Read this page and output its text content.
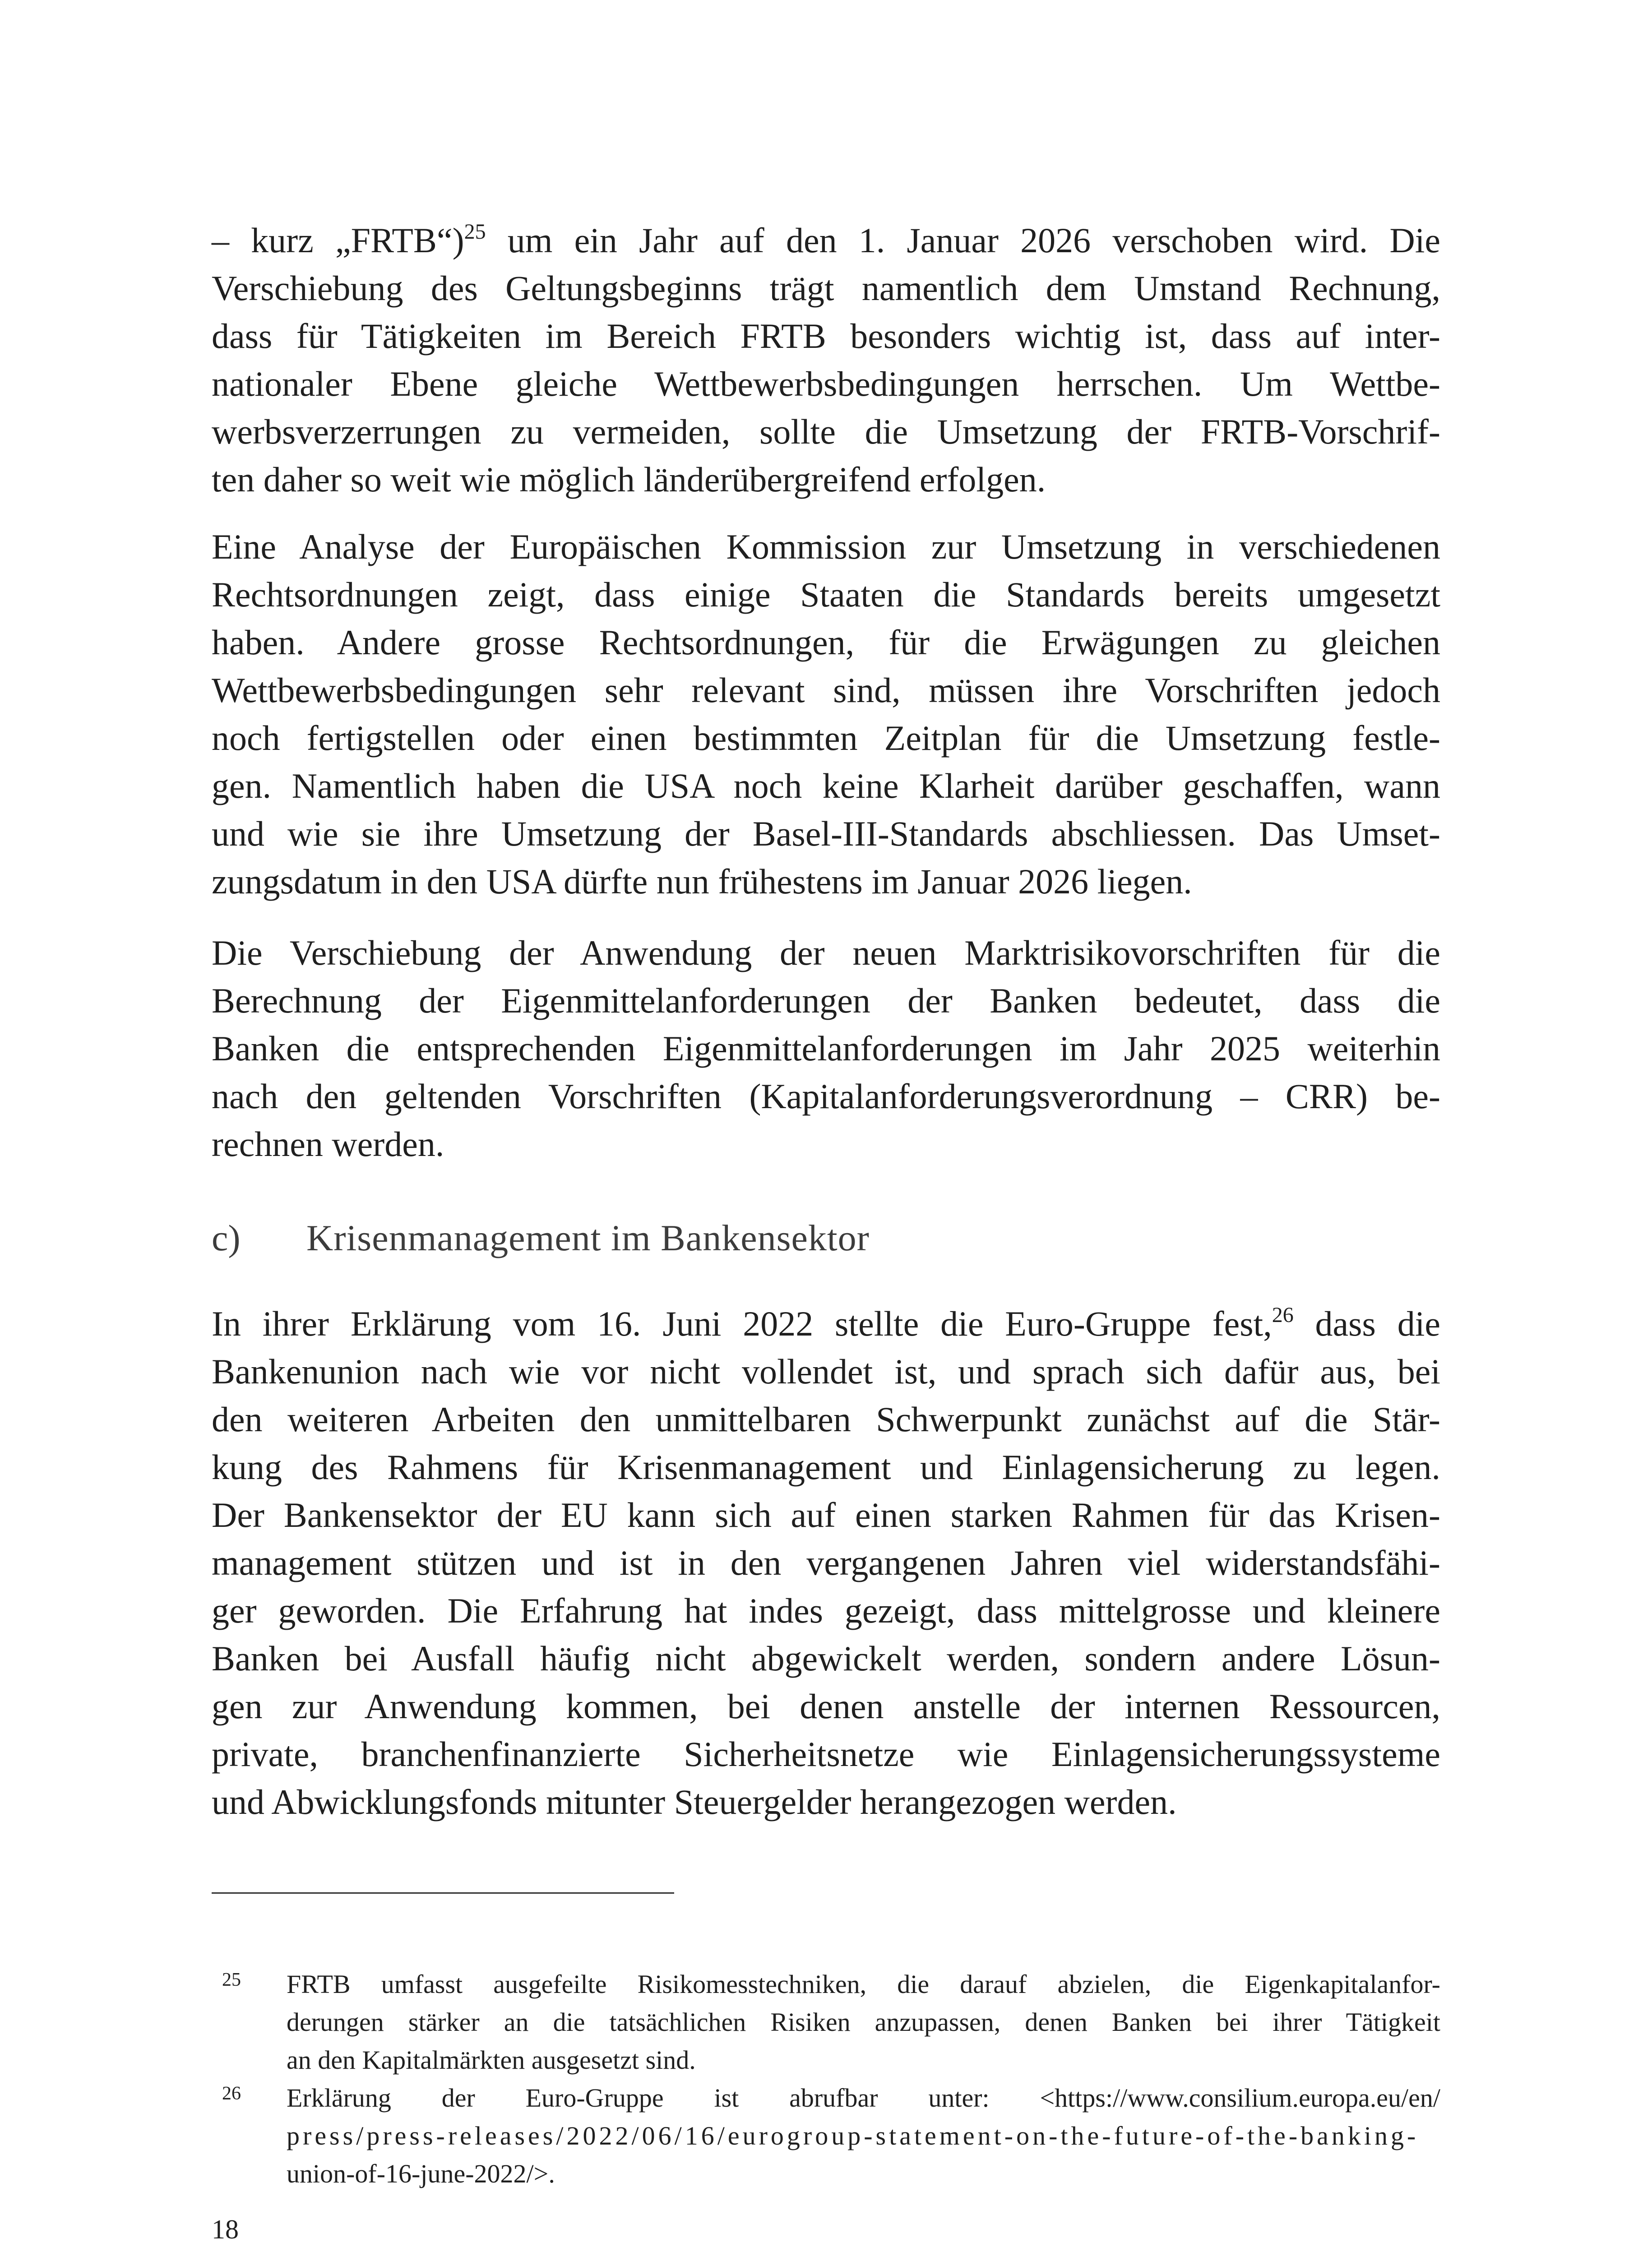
– kurz „FRTB“)$^{25}$ um ein Jahr auf den 1. Januar 2026 verschoben wird. Die
Verschiebung des Geltungsbeginns trägt namentlich dem Umstand Rechnung,
dass für Tätigkeiten im Bereich FRTB besonders wichtig ist, dass auf inter-
nationaler Ebene gleiche Wettbewerbsbedingungen herrschen. Um Wettbe-
werbsverzerrungen zu vermeiden, sollte die Umsetzung der FRTB-Vorschrif-
ten daher so weit wie möglich länderübergreifend erfolgen.
Eine Analyse der Europäischen Kommission zur Umsetzung in verschiedenen
Rechtsordnungen zeigt, dass einige Staaten die Standards bereits umgesetzt
haben. Andere grosse Rechtsordnungen, für die Erwägungen zu gleichen
Wettbewerbsbedingungen sehr relevant sind, müssen ihre Vorschriften jedoch
noch fertigstellen oder einen bestimmten Zeitplan für die Umsetzung festle-
gen. Namentlich haben die USA noch keine Klarheit darüber geschaffen, wann
und wie sie ihre Umsetzung der Basel-III-Standards abschliessen. Das Umset-
zungsdatum in den USA dürfte nun frühestens im Januar 2026 liegen.
Die Verschiebung der Anwendung der neuen Marktrisikovorschriften für die
Berechnung der Eigenmittelanforderungen der Banken bedeutet, dass die
Banken die entsprechenden Eigenmittelanforderungen im Jahr 2025 weiterhin
nach den geltenden Vorschriften (Kapitalanforderungsverordnung – CRR) be-
rechnen werden.
c) Krisenmanagement im Bankensektor
In ihrer Erklärung vom 16. Juni 2022 stellte die Euro-Gruppe fest,$^{26}$ dass die
Bankenunion nach wie vor nicht vollendet ist, und sprach sich dafür aus, bei
den weiteren Arbeiten den unmittelbaren Schwerpunkt zunächst auf die Stär-
kung des Rahmens für Krisenmanagement und Einlagensicherung zu legen.
Der Bankensektor der EU kann sich auf einen starken Rahmen für das Krisen-
management stützen und ist in den vergangenen Jahren viel widerstandsfähi-
ger geworden. Die Erfahrung hat indes gezeigt, dass mittelgrosse und kleinere
Banken bei Ausfall häufig nicht abgewickelt werden, sondern andere Lösun-
gen zur Anwendung kommen, bei denen anstelle der internen Ressourcen,
private, branchenfinanzierte Sicherheitsnetze wie Einlagensicherungssysteme
und Abwicklungsfonds mitunter Steuergelder herangezogen werden.
25 FRTB umfasst ausgefeilte Risikomesstechniken, die darauf abzielen, die Eigenkapitalanfor-
derungen stärker an die tatsächlichen Risiken anzupassen, denen Banken bei ihrer Tätigkeit
an den Kapitalmärkten ausgesetzt sind.
26 Erklärung der Euro-Gruppe ist abrufbar unter: <https://www.consilium.europa.eu/en/
press/press-releases/2022/06/16/eurogroup-statement-on-the-future-of-the-banking-
union-of-16-june-2022/>.
18
